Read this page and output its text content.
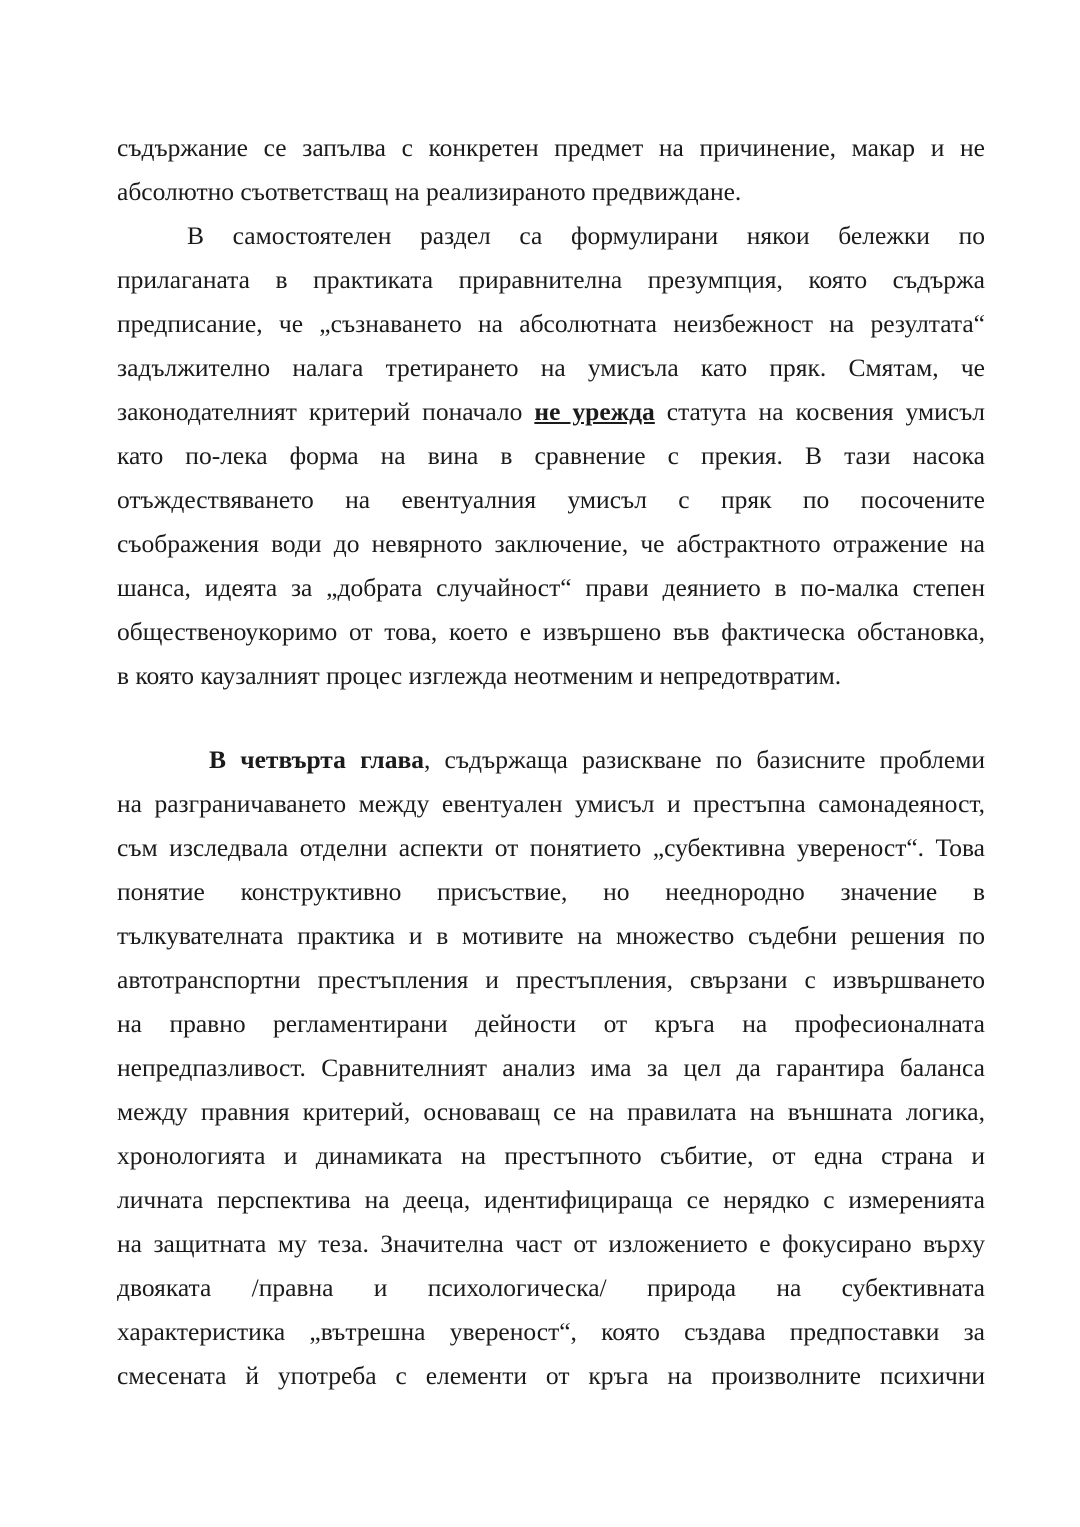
съдържание се запълва с конкретен предмет на причинение, макар и не
абсолютно съответстващ на реализираното предвиждане.
В самостоятелен раздел са формулирани някои бележки по
прилаганата в практиката приравнителна презумпция, която съдържа
предписание, че „съзнаването на абсолютната неизбежност на резултата“
задължително налага третирането на умисъла като пряк. Смятам, че
законодателният критерий поначало не урежда статута на косвения умисъл
като по-лека форма на вина в сравнение с прекия. В тази насока
отъждествяването на евентуалния умисъл с пряк по посочените
съображения води до невярното заключение, че абстрактното отражение на
шанса, идеята за „добрата случайност“ прави деянието в по-малка степен
общественоукоримо от това, което е извършено във фактическа обстановка,
в която каузалният процес изглежда неотменим и непредотвратим.
В четвърта глава, съдържаща разискване по базисните проблеми
на разграничаването между евентуален умисъл и престъпна самонадеяност,
съм изследвала отделни аспекти от понятието „субективна увереност“. Това
понятие конструктивно присъствие, но нееднородно значение в
тълкувателната практика и в мотивите на множество съдебни решения по
автотранспортни престъпления и престъпления, свързани с извършването
на правно регламентирани дейности от кръга на професионалната
непредпазливост. Сравнителният анализ има за цел да гарантира баланса
между правния критерий, основаващ се на правилата на външната логика,
хронологията и динамиката на престъпното събитие, от една страна и
личната перспектива на дееца, идентифицираща се нерядко с измеренията
на защитната му теза. Значителна част от изложението е фокусирано върху
двояката /правна и психологическа/ природа на субективната
характеристика „вътрешна увереност“, която създава предпоставки за
смесената й употреба с елементи от кръга на произволните психични
